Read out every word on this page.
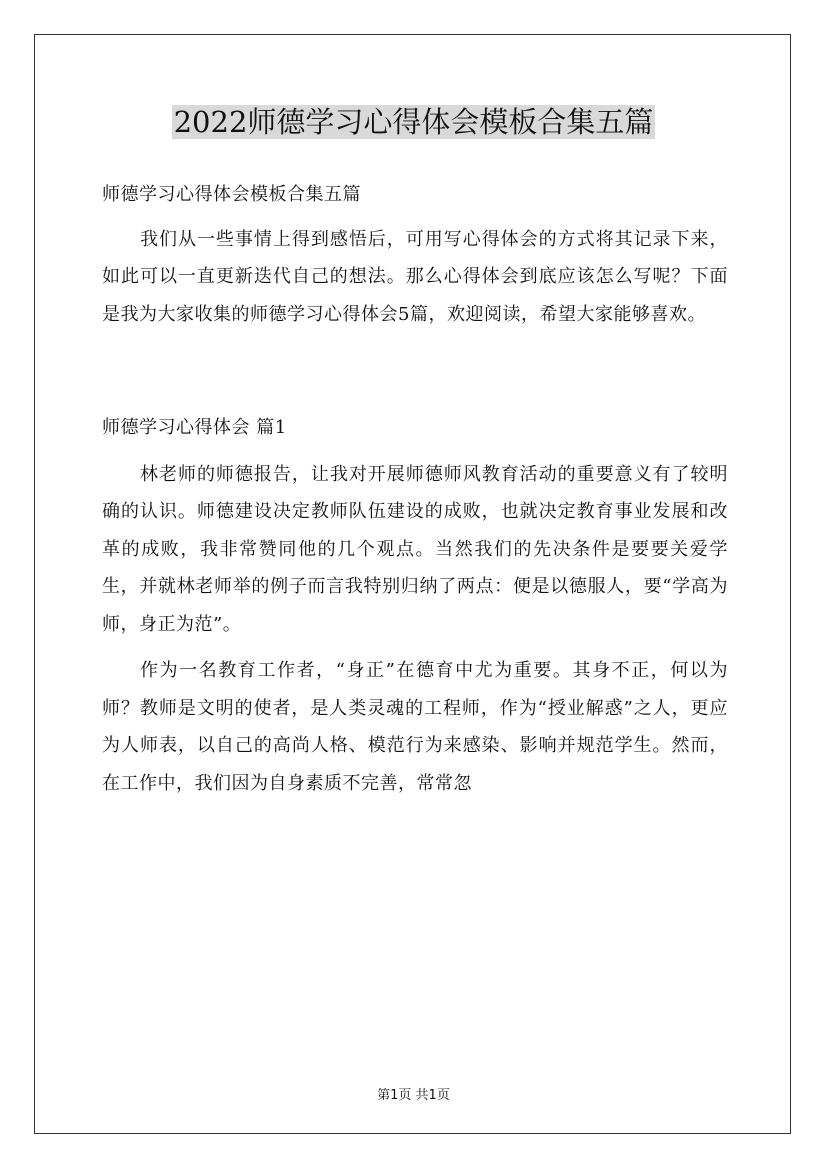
2022师德学习心得体会模板合集五篇

师德学习心得体会模板合集五篇

我们从一些事情上得到感悟后，可用写心得体会的方式将其记录下来，如此可以一直更新迭代自己的想法。那么心得体会到底应该怎么写呢？下面是我为大家收集的师德学习心得体会5篇，欢迎阅读，希望大家能够喜欢。

师德学习心得体会 篇1

林老师的师德报告，让我对开展师德师风教育活动的重要意义有了较明确的认识。师德建设决定教师队伍建设的成败，也就决定教育事业发展和改革的成败，我非常赞同他的几个观点。当然我们的先决条件是要要关爱学生，并就林老师举的例子而言我特别归纳了两点：便是以德服人，要“学高为师，身正为范”。

作为一名教育工作者，“身正”在德育中尤为重要。其身不正，何以为师？教师是文明的使者，是人类灵魂的工程师，作为“授业解惑”之人，更应为人师表，以自己的高尚人格、模范行为来感染、影响并规范学生。然而，在工作中，我们因为自身素质不完善，常常忽

第1页 共1页
